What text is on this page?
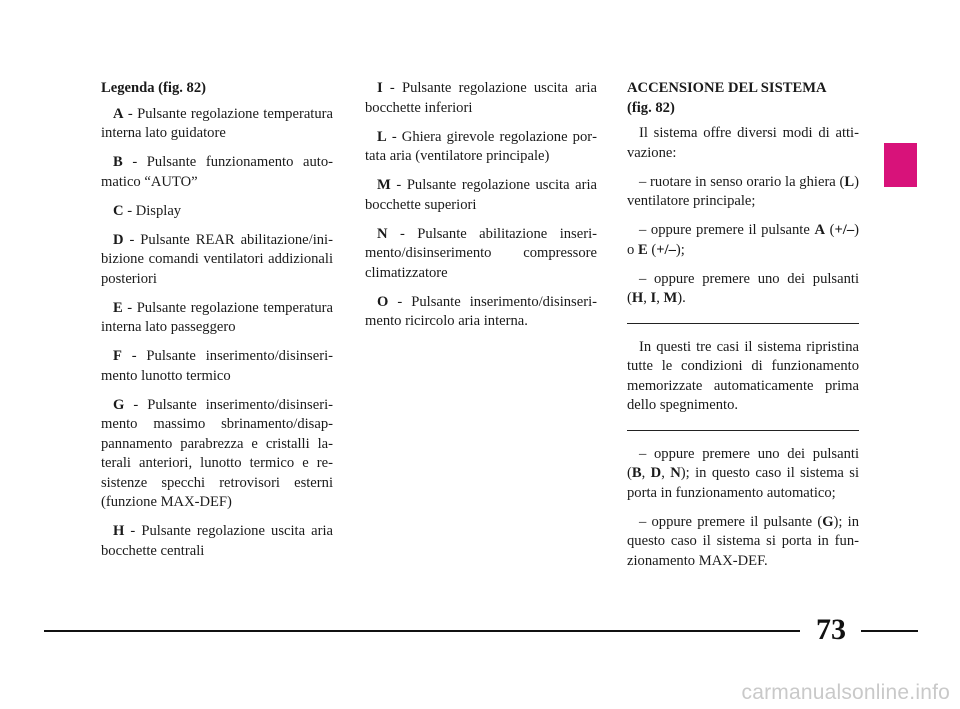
Legenda (fig. 82)

A - Pulsante regolazione temperatura interna lato guidatore

B - Pulsante funzionamento automatico “AUTO”

C - Display

D - Pulsante REAR abilitazione/inibizione comandi ventilatori addizionali posteriori

E - Pulsante regolazione temperatura interna lato passeggero

F - Pulsante inserimento/disinserimento lunotto termico

G - Pulsante inserimento/disinserimento massimo sbrinamento/disappannamento parabrezza e cristalli laterali anteriori, lunotto termico e resistenze specchi retrovisori esterni (funzione MAX-DEF)

H - Pulsante regolazione uscita aria bocchette centrali

I - Pulsante regolazione uscita aria bocchette inferiori

L - Ghiera girevole regolazione portata aria (ventilatore principale)

M - Pulsante regolazione uscita aria bocchette superiori

N - Pulsante abilitazione inserimento/disinserimento compressore climatizzatore

O - Pulsante inserimento/disinserimento ricircolo aria interna.

ACCENSIONE DEL SISTEMA
(fig. 82)

Il sistema offre diversi modi di attivazione:

– ruotare in senso orario la ghiera (L) ventilatore principale;

– oppure premere il pulsante A (+/–) o E (+/–);

– oppure premere uno dei pulsanti (H, I, M).

In questi tre casi il sistema ripristina tutte le condizioni di funzionamento memorizzate automaticamente prima dello spegnimento.

– oppure premere uno dei pulsanti (B, D, N); in questo caso il sistema si porta in funzionamento automatico;

– oppure premere il pulsante (G); in questo caso il sistema si porta in funzionamento MAX-DEF.

73
carmanualsonline.info
